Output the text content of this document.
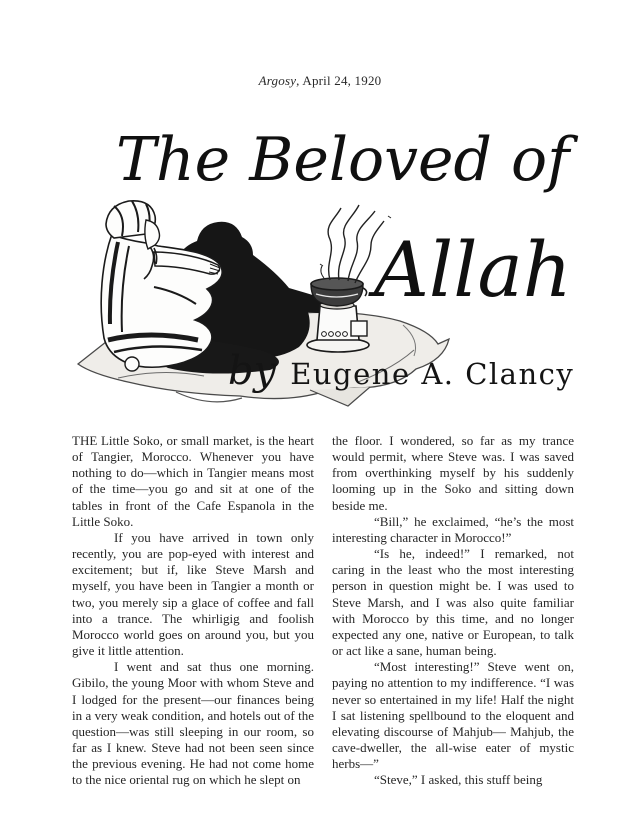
Argosy, April 24, 1920
The Beloved of
Allah
by Eugene A. Clancy

THE Little Soko, or small market, is the heart of Tangier, Morocco. Whenever you have nothing to do—which in Tangier means most of the time—you go and sit at one of the tables in front of the Cafe Espanola in the Little Soko.

If you have arrived in town only recently, you are pop-eyed with interest and excitement; but if, like Steve Marsh and myself, you have been in Tangier a month or two, you merely sip a glace of coffee and fall into a trance. The whirligig and foolish Morocco world goes on around you, but you give it little attention.

I went and sat thus one morning. Gibilo, the young Moor with whom Steve and I lodged for the present—our finances being in a very weak condition, and hotels out of the question—was still sleeping in our room, so far as I knew. Steve had not been seen since the previous evening. He had not come home to the nice oriental rug on which he slept on

the floor. I wondered, so far as my trance would permit, where Steve was. I was saved from overthinking myself by his suddenly looming up in the Soko and sitting down beside me.

“Bill,” he exclaimed, “he’s the most interesting character in Morocco!”

“Is he, indeed!” I remarked, not caring in the least who the most interesting person in question might be. I was used to Steve Marsh, and I was also quite familiar with Morocco by this time, and no longer expected any one, native or European, to talk or act like a sane, human being.

“Most interesting!” Steve went on, paying no attention to my indifference. “I was never so entertained in my life! Half the night I sat listening spellbound to the eloquent and elevating discourse of Mahjub— Mahjub, the cave-dweller, the all-wise eater of mystic herbs—”

“Steve,” I asked, this stuff being
